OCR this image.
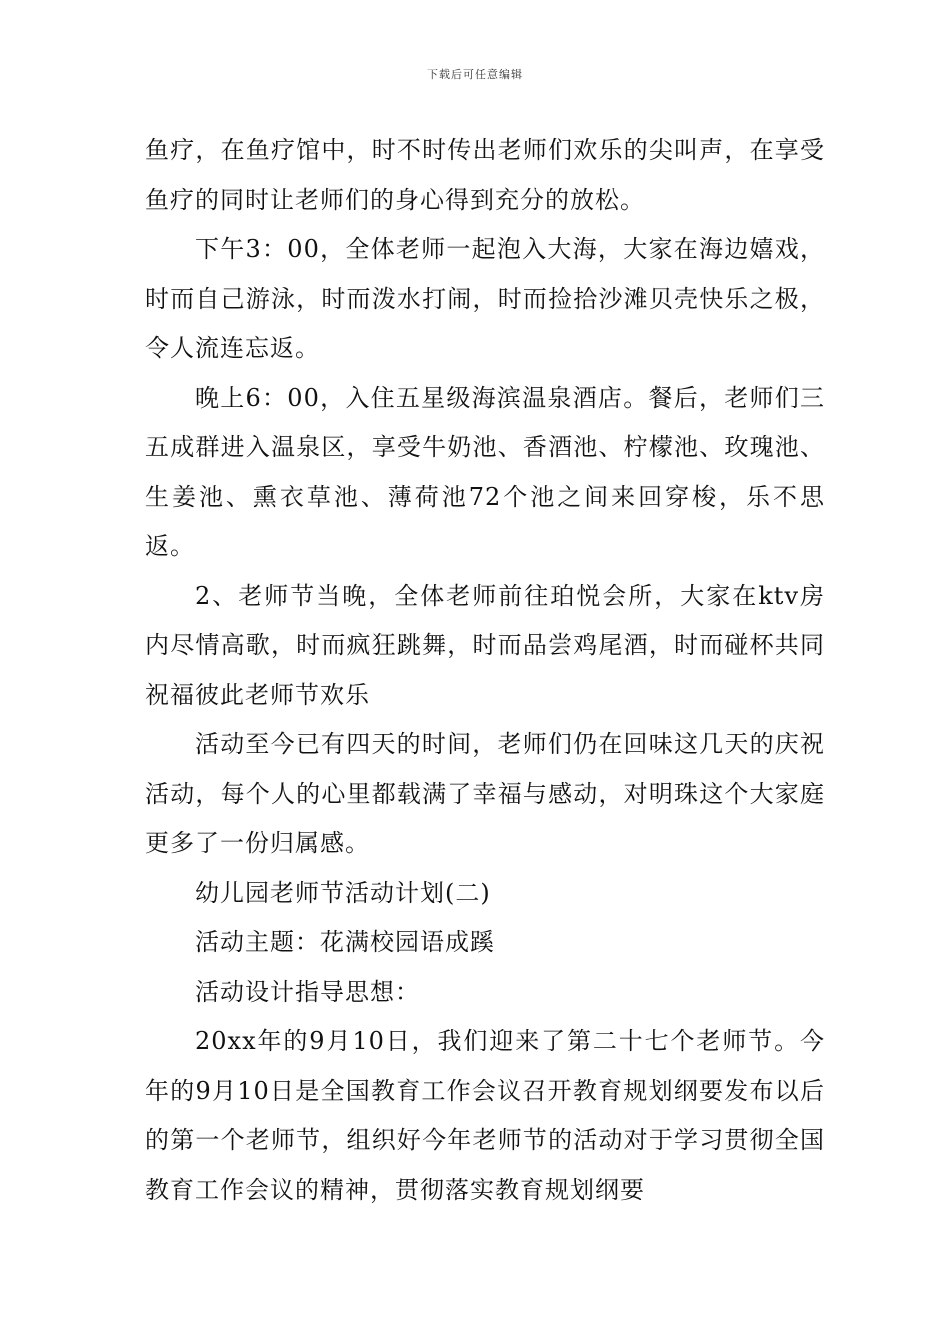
下载后可任意编辑

鱼疗，在鱼疗馆中，时不时传出老师们欢乐的尖叫声，在享受鱼疗的同时让老师们的身心得到充分的放松。

下午3：00，全体老师一起泡入大海，大家在海边嬉戏，时而自己游泳，时而泼水打闹，时而捡拾沙滩贝壳快乐之极，令人流连忘返。

晚上6：00，入住五星级海滨温泉酒店。餐后，老师们三五成群进入温泉区，享受牛奶池、香酒池、柠檬池、玫瑰池、生姜池、熏衣草池、薄荷池72个池之间来回穿梭，乐不思返。

2、老师节当晚，全体老师前往珀悦会所，大家在ktv房内尽情高歌，时而疯狂跳舞，时而品尝鸡尾酒，时而碰杯共同祝福彼此老师节欢乐

活动至今已有四天的时间，老师们仍在回味这几天的庆祝活动，每个人的心里都载满了幸福与感动，对明珠这个大家庭更多了一份归属感。

幼儿园老师节活动计划(二)

活动主题：花满校园语成蹊

活动设计指导思想：

20xx年的9月10日，我们迎来了第二十七个老师节。今年的9月10日是全国教育工作会议召开教育规划纲要发布以后的第一个老师节，组织好今年老师节的活动对于学习贯彻全国教育工作会议的精神，贯彻落实教育规划纲要
